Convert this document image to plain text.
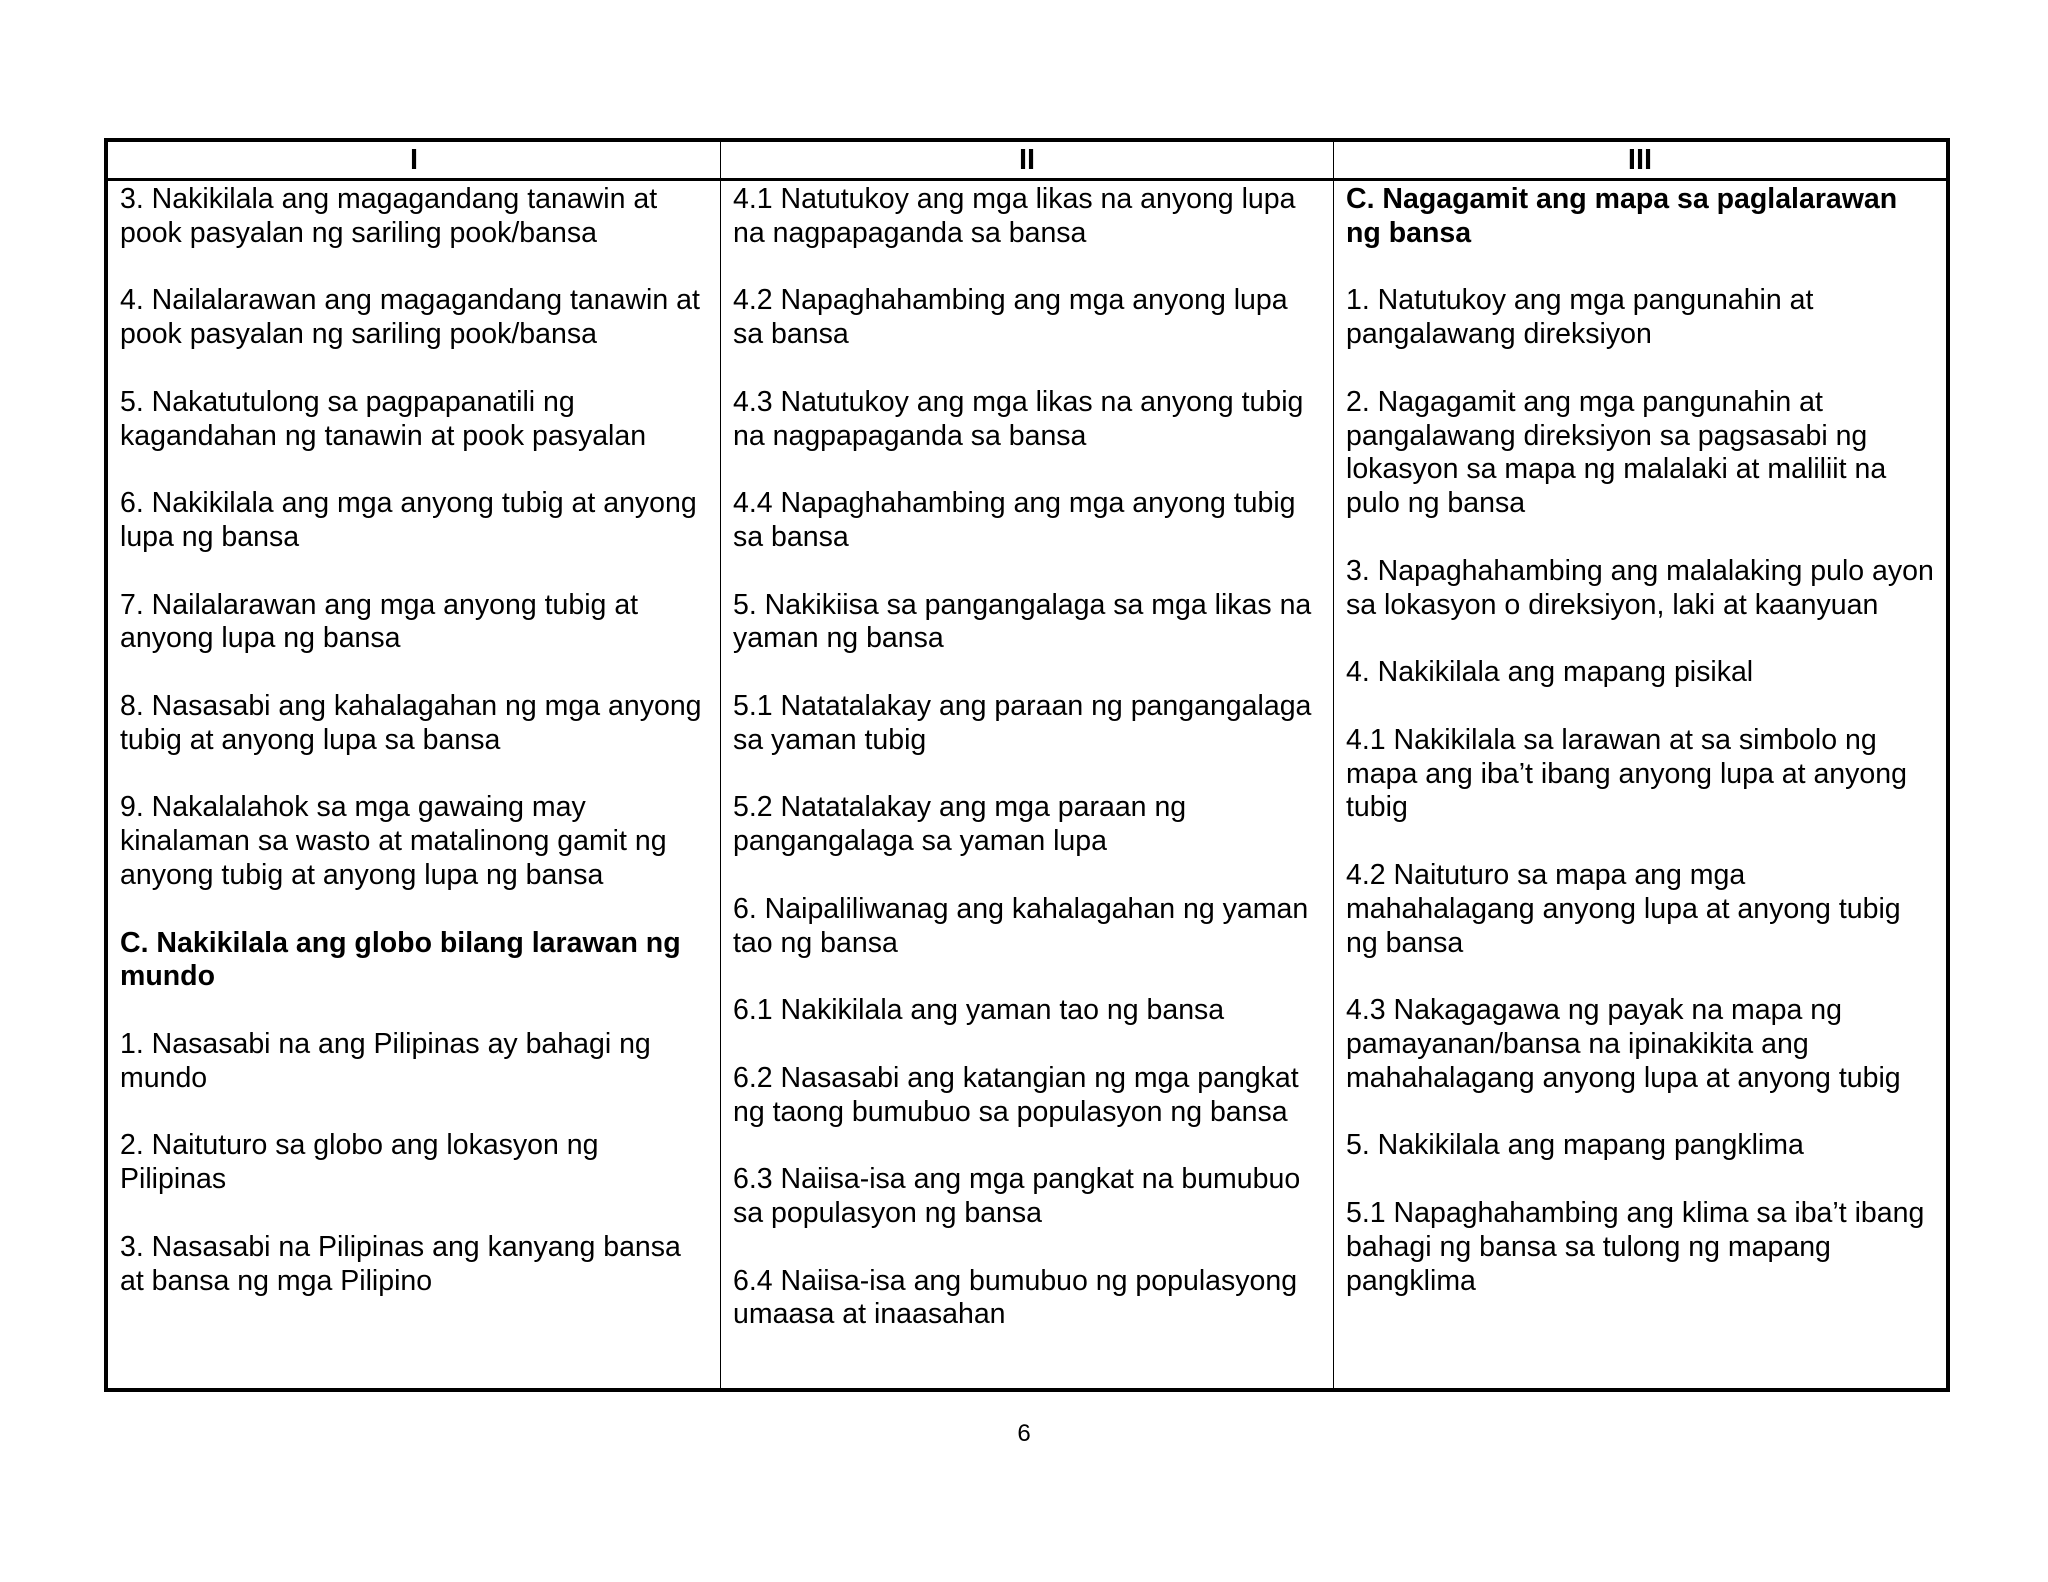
I	II	III
3. Nakikilala ang magagandang tanawin at pook pasyalan ng sariling pook/bansa
4. Nailalarawan ang magagandang tanawin at pook pasyalan ng sariling pook/bansa
5. Nakatutulong sa pagpapanatili ng kagandahan ng tanawin at pook pasyalan
6. Nakikilala ang mga anyong tubig at anyong lupa ng bansa
7. Nailalarawan ang mga anyong tubig at anyong lupa ng bansa
8. Nasasabi ang kahalagahan ng mga anyong tubig at anyong lupa sa bansa
9. Nakalalahok sa mga gawaing may kinalaman sa wasto at matalinong gamit ng anyong tubig at anyong lupa ng bansa
C. Nakikilala ang globo bilang larawan ng mundo
1. Nasasabi na ang Pilipinas ay bahagi ng mundo
2. Naituturo sa globo ang lokasyon ng Pilipinas
3. Nasasabi na Pilipinas ang kanyang bansa at bansa ng mga Pilipino
4.1 Natutukoy ang mga likas na anyong lupa na nagpapaganda sa bansa
4.2 Napaghahambing ang mga anyong lupa sa bansa
4.3 Natutukoy ang mga likas na anyong tubig na nagpapaganda sa bansa
4.4 Napaghahambing ang mga anyong tubig sa bansa
5. Nakikiisa sa pangangalaga sa mga likas na yaman ng bansa
5.1 Natatalakay ang paraan ng pangangalaga sa yaman tubig
5.2 Natatalakay ang mga paraan ng pangangalaga sa yaman lupa
6. Naipaliliwanag ang kahalagahan ng yaman tao ng bansa
6.1 Nakikilala ang yaman tao ng bansa
6.2 Nasasabi ang katangian ng mga pangkat ng taong bumubuo sa populasyon ng bansa
6.3 Naiisa-isa ang mga pangkat na bumubuo sa populasyon ng bansa
6.4 Naiisa-isa ang bumubuo ng populasyong umaasa at inaasahan
C. Nagagamit ang mapa sa paglalarawan ng bansa
1. Natutukoy ang mga pangunahin at pangalawang direksiyon
2. Nagagamit ang mga pangunahin at pangalawang direksiyon sa pagsasabi ng lokasyon sa mapa ng malalaki at maliliit na pulo ng bansa
3. Napaghahambing ang malalaking pulo ayon sa lokasyon o direksiyon, laki at kaanyuan
4. Nakikilala ang mapang pisikal
4.1 Nakikilala sa larawan at sa simbolo ng mapa ang iba’t ibang anyong lupa at anyong tubig
4.2 Naituturo sa mapa ang mga mahahalagang anyong lupa at anyong tubig ng bansa
4.3 Nakagagawa ng payak na mapa ng pamayanan/bansa na ipinakikita ang mahahalagang anyong lupa at anyong tubig
5. Nakikilala ang mapang pangklima
5.1 Napaghahambing ang klima sa iba’t ibang bahagi ng bansa sa tulong ng mapang pangklima
6
